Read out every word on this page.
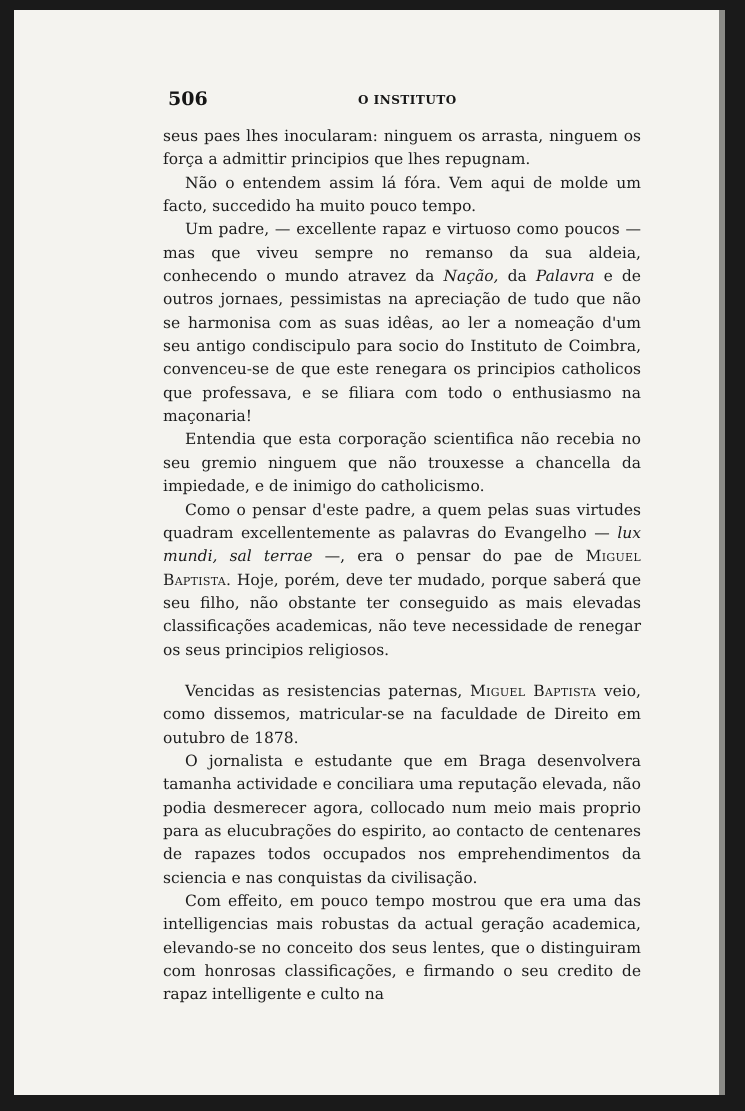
506	O INSTITUTO

seus paes lhes inocularam: ninguem os arrasta, ninguem os força a admittir principios que lhes repugnam.

Não o entendem assim lá fóra. Vem aqui de molde um facto, succedido ha muito pouco tempo.

Um padre, — excellente rapaz e virtuoso como poucos — mas que viveu sempre no remanso da sua aldeia, conhecendo o mundo atravez da Nação, da Palavra e de outros jornaes, pessimistas na apreciação de tudo que não se harmonisa com as suas idêas, ao ler a nomeação d'um seu antigo condiscipulo para socio do Instituto de Coimbra, convenceu-se de que este renegara os principios catholicos que professava, e se filiara com todo o enthusiasmo na maçonaria!

Entendia que esta corporação scientifica não recebia no seu gremio ninguem que não trouxesse a chancella da impiedade, e de inimigo do catholicismo.

Como o pensar d'este padre, a quem pelas suas virtudes quadram excellentemente as palavras do Evangelho — lux mundi, sal terrae —, era o pensar do pae de Miguel Baptista. Hoje, porém, deve ter mudado, porque saberá que seu filho, não obstante ter conseguido as mais elevadas classificações academicas, não teve necessidade de renegar os seus principios religiosos.

Vencidas as resistencias paternas, Miguel Baptista veio, como dissemos, matricular-se na faculdade de Direito em outubro de 1878.

O jornalista e estudante que em Braga desenvolvera tamanha actividade e conciliara uma reputação elevada, não podia desmerecer agora, collocado num meio mais proprio para as elucubrações do espirito, ao contacto de centenares de rapazes todos occupados nos emprehendimentos da sciencia e nas conquistas da civilisação.

Com effeito, em pouco tempo mostrou que era uma das intelligencias mais robustas da actual geração academica, elevando-se no conceito dos seus lentes, que o distinguiram com honrosas classificações, e firmando o seu credito de rapaz intelligente e culto na
